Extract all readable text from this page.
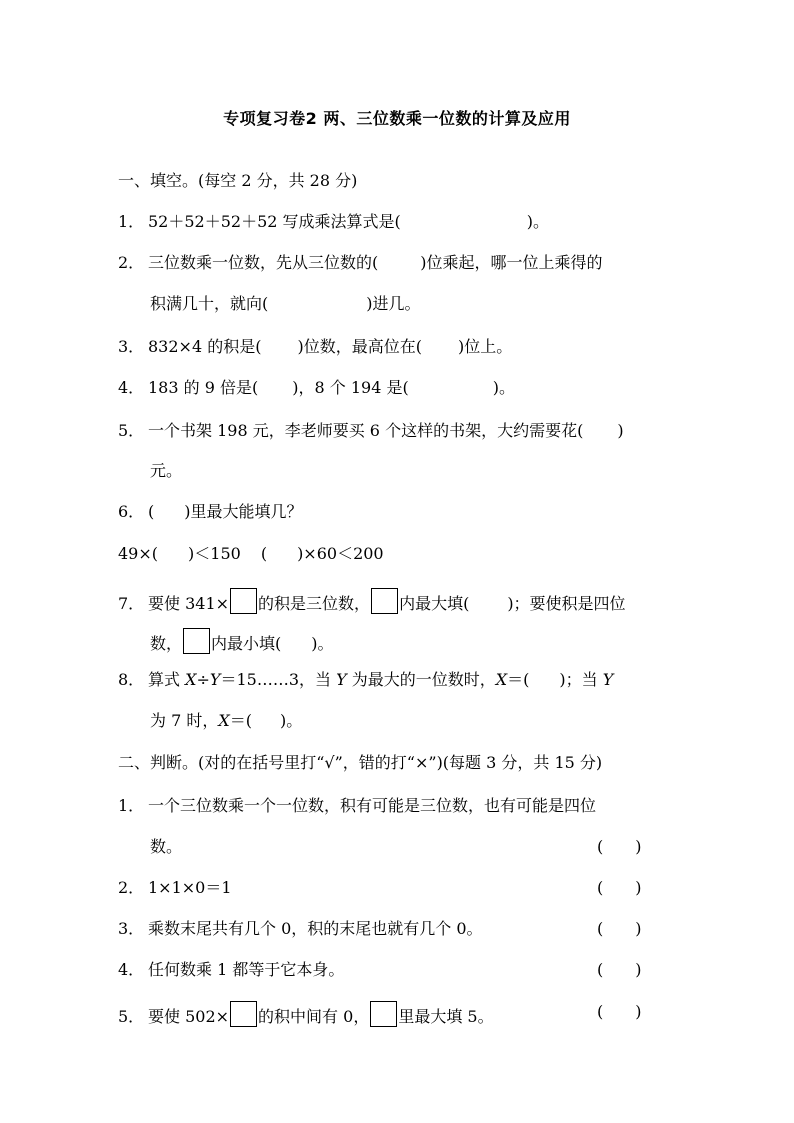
专项复习卷2 两、三位数乘一位数的计算及应用
一、填空。(每空 2 分，共 28 分)
1． 52＋52＋52＋52 写成乘法算式是(	)。
2． 三位数乘一位数，先从三位数的(	)位乘起，哪一位上乘得的
积满几十，就向(	)进几。
3． 832×4 的积是( )位数，最高位在( )位上。
4． 183 的 9 倍是( )，8 个 194 是(	)。
5． 一个书架 198 元，李老师要买 6 个这样的书架，大约需要花( )
元。
6． ( )里最大能填几？
49×( )＜150 ( )×60＜200
7． 要使 341× 的积是三位数， 内最大填( )；要使积是四位
数， 内最小填( )。
8． 算式 X÷Y＝15……3，当 Y 为最大的一位数时，X＝( )；当 Y
为 7 时，X＝( )。
二、判断。(对的在括号里打“√”，错的打“×”)(每题 3 分，共 15 分)
1． 一个三位数乘一个一位数，积有可能是三位数，也有可能是四位
数。	(　　)
2． 1×1×0＝1	(　　)
3． 乘数末尾共有几个 0，积的末尾也就有几个 0。	(　　)
4． 任何数乘 1 都等于它本身。	(　　)
5． 要使 502× 的积中间有 0， 里最大填 5。	(　　)
